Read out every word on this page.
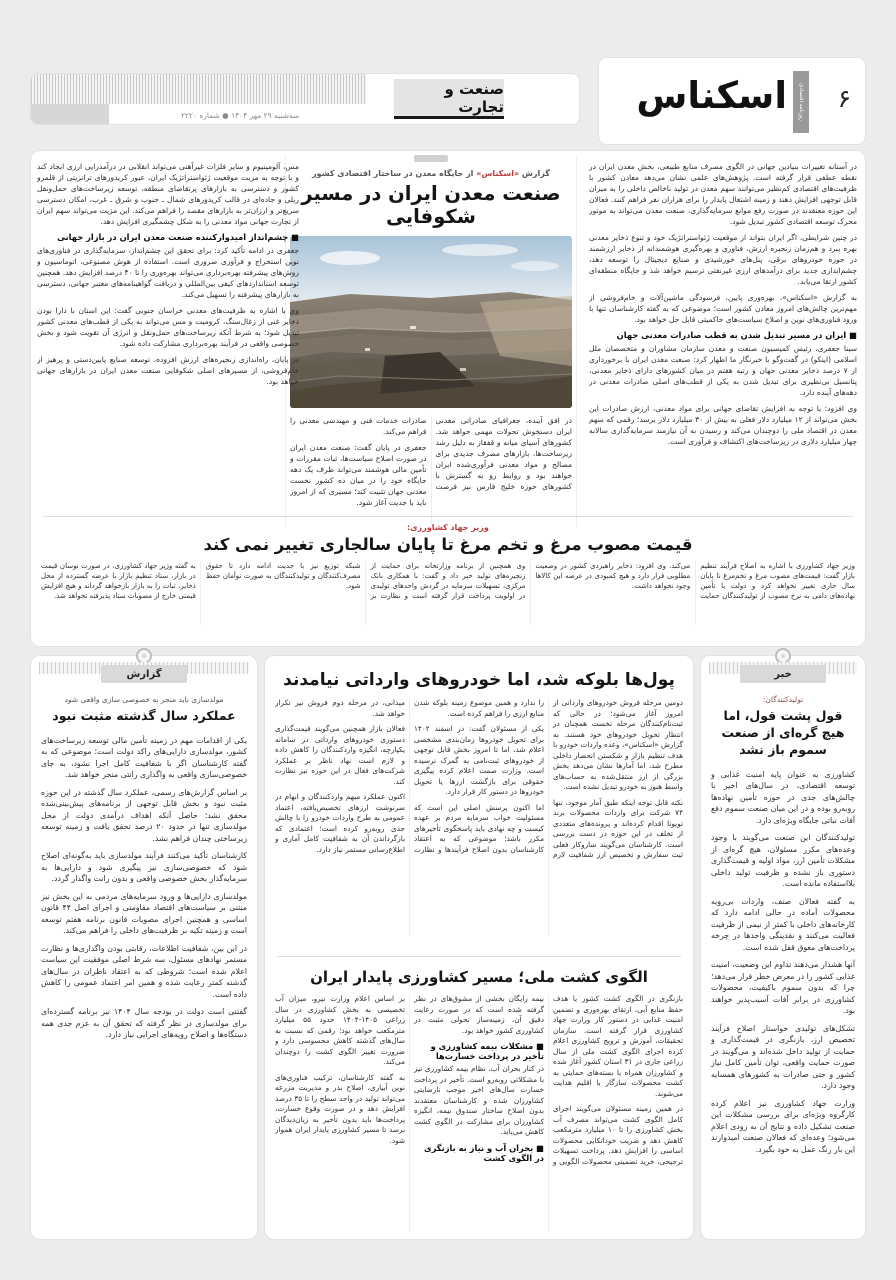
اسکناس روزنامه اقتصادی ۶
صنعت و تجارت
سه‌شنبه ۲۹ مهر ۱۴۰۴ ● شماره ۲۲۲۰

در آستانه تغییرات بنیادین جهانی در الگوی مصرف منابع طبیعی، بخش معدن ایران در نقطه عطفی قرار گرفته است. پژوهش‌های علمی نشان می‌دهد معادن کشور با ظرفیت‌های اقتصادی کم‌نظیر می‌توانند سهم معدن در تولید ناخالص داخلی را به میزان قابل توجهی افزایش دهند و زمینه اشتغال پایدار را برای هزاران نفر فراهم کنند. فعالان این حوزه معتقدند در صورت رفع موانع سرمایه‌گذاری، صنعت معدن می‌تواند به موتور محرک توسعه اقتصادی کشور تبدیل شود.

در چنین شرایطی، اگر ایران بتواند از موقعیت ژئواستراتژیک خود و تنوع ذخایر معدنی بهره ببرد و هم‌زمان زنجیره ارزش، فناوری و بهره‌گیری هوشمندانه از ذخایر ارزشمند در حوزه خودروهای برقی، پنل‌های خورشیدی و صنایع دیجیتال را توسعه دهد، چشم‌اندازی جدید برای درآمدهای ارزی غیرنفتی ترسیم خواهد شد و جایگاه منطقه‌ای کشور ارتقا می‌یابد.

به گزارش «اسکناس»، بهره‌وری پایین، فرسودگی ماشین‌آلات و خام‌فروشی از مهم‌ترین چالش‌های امروز معادن کشور است؛ موضوعی که به گفته کارشناسان تنها با ورود فناوری‌های نوین و اصلاح سیاست‌های حاکمیتی قابل حل خواهد بود.

■ ایران در مسیر تبدیل شدن به قطب صادرات معدنی جهان

سینا جعفری، رئیس کمیسیون صنعت و معدن سازمان مشاوران و متخصصان ملل اسلامی (اینکو) در گفت‌وگو با خبرنگار ما اظهار کرد: صنعت معدن ایران با برخورداری از ۷ درصد ذخایر معدنی جهان و رتبه هفتم در میان کشورهای دارای ذخایر معدنی، پتانسیل بی‌نظیری برای تبدیل شدن به یکی از قطب‌های اصلی صادرات معدنی در دهه‌های آینده دارد.

وی افزود: با توجه به افزایش تقاضای جهانی برای مواد معدنی، ارزش صادرات این بخش می‌تواند از ۱۲ میلیارد دلار فعلی به بیش از ۳۰ میلیارد دلار برسد؛ رقمی که سهم معدن در اقتصاد ملی را دوچندان می‌کند و رسیدن به آن نیازمند سرمایه‌گذاری سالانه چهار میلیارد دلاری در زیرساخت‌های اکتشاف و فرآوری است.

گزارش «اسکناس» از جایگاه معدن در ساختار اقتصادی کشور
صنعت معدن ایران در مسیر شکوفایی

در افق آینده، جغرافیای صادراتی معدنی ایران دستخوش تحولات مهمی خواهد شد. کشورهای آسیای میانه و قفقاز به دلیل رشد زیرساخت‌ها، بازارهای مصرف جدیدی برای مصالح و مواد معدنی فرآوری‌شده ایران خواهند بود و روابط رو به گسترش با کشورهای حوزه خلیج فارس نیز فرصت صادرات خدمات فنی و مهندسی معدنی را فراهم می‌کند.

جعفری در پایان گفت: صنعت معدن ایران در صورت اصلاح سیاست‌ها، ثبات مقررات و تأمین مالی هوشمند می‌تواند ظرف یک دهه جایگاه خود را در میان ده کشور نخست معدنی جهان تثبیت کند؛ مسیری که از امروز باید با جدیت آغاز شود.

مس، آلومینیوم و سایر فلزات غیرآهنی می‌تواند انقلابی در درآمدزایی ارزی ایجاد کند و با توجه به مزیت موقعیت ژئواستراتژیک ایران، عبور کریدورهای ترانزیتی از قلمرو کشور و دسترسی به بازارهای پرتقاضای منطقه، توسعه زیرساخت‌های حمل‌ونقل ریلی و جاده‌ای در قالب کریدورهای شمال ـ جنوب و شرق ـ غرب، امکان دسترسی سریع‌تر و ارزان‌تر به بازارهای مقصد را فراهم می‌کند. این مزیت می‌تواند سهم ایران از تجارت جهانی مواد معدنی را به شکل چشمگیری افزایش دهد.

■ چشم‌انداز امیدوارکننده صنعت معدن ایران در بازار جهانی

جعفری در ادامه تأکید کرد: برای تحقق این چشم‌انداز، سرمایه‌گذاری در فناوری‌های نوین استخراج و فرآوری ضروری است. استفاده از هوش مصنوعی، اتوماسیون و روش‌های پیشرفته بهره‌برداری می‌تواند بهره‌وری را تا ۴۰ درصد افزایش دهد. همچنین توسعه استانداردهای کیفی بین‌المللی و دریافت گواهینامه‌های معتبر جهانی، دسترسی به بازارهای پیشرفته را تسهیل می‌کند.

وی با اشاره به ظرفیت‌های معدنی خراسان جنوبی گفت: این استان با دارا بودن ذخایر غنی از زغال‌سنگ، کرومیت و مس می‌تواند به یکی از قطب‌های معدنی کشور تبدیل شود؛ به شرط آنکه زیرساخت‌های حمل‌ونقل و انرژی آن تقویت شود و بخش خصوصی واقعی در فرآیند بهره‌برداری مشارکت داده شود.

در پایان، راه‌اندازی زنجیره‌های ارزش افزوده، توسعه صنایع پایین‌دستی و پرهیز از خام‌فروشی، از مسیرهای اصلی شکوفایی صنعت معدن ایران در بازارهای جهانی خواهد بود.

وزیر جهاد کشاورزی:
قیمت مصوب مرغ و تخم مرغ تا پایان سالجاری تغییر نمی کند

وزیر جهاد کشاورزی با اشاره به اصلاح فرآیند تنظیم بازار گفت: قیمت‌های مصوب مرغ و تخم‌مرغ تا پایان سال جاری تغییر نخواهد کرد و دولت با تأمین نهاده‌های دامی به نرخ مصوب از تولیدکنندگان حمایت می‌کند. وی افزود: ذخایر راهبردی کشور در وضعیت مطلوبی قرار دارد و هیچ کمبودی در عرضه این کالاها وجود نخواهد داشت.

وی همچنین از برنامه وزارتخانه برای حمایت از زنجیره‌های تولید خبر داد و گفت: با همکاری بانک مرکزی، تسهیلات سرمایه در گردش واحدهای تولیدی در اولویت پرداخت قرار گرفته است و نظارت بر شبکه توزیع نیز با جدیت ادامه دارد تا حقوق مصرف‌کنندگان و تولیدکنندگان به صورت توأمان حفظ شود.

به گفته وزیر جهاد کشاورزی، در صورت نوسان قیمت در بازار، ستاد تنظیم بازار با عرضه گسترده از محل ذخایر، ثبات را به بازار بازخواهد گرداند و هیچ افزایش قیمتی خارج از مصوبات ستاد پذیرفته نخواهد شد.

گزارش
مولدسازی باید منجر به خصوصی سازی واقعی شود
عملکرد سال گذشته مثبت نبود

یکی از اقدامات مهم در زمینه تأمین مالی توسعه زیرساخت‌های کشور، مولدسازی دارایی‌های راکد دولت است؛ موضوعی که به گفته کارشناسان اگر با شفافیت کامل اجرا نشود، به جای خصوصی‌سازی واقعی به واگذاری رانتی منجر خواهد شد.

بر اساس گزارش‌های رسمی، عملکرد سال گذشته در این حوزه مثبت نبود و بخش قابل توجهی از برنامه‌های پیش‌بینی‌شده محقق نشد؛ حاصل آنکه اهداف درآمدی دولت از محل مولدسازی تنها در حدود ۲۰ درصد تحقق یافت و زمینه توسعه زیرساختی چندان فراهم نشد.

کارشناسان تأکید می‌کنند فرآیند مولدسازی باید به‌گونه‌ای اصلاح شود که خصوصی‌سازی نیز پیگیری شود و دارایی‌ها به سرمایه‌گذار بخش خصوصی واقعی و بدون رانت واگذار گردد.

مولدسازی دارایی‌ها و ورود سرمایه‌های مردمی به این بخش نیز مبتنی بر سیاست‌های اقتصاد مقاومتی و اجرای اصل ۴۴ قانون اساسی و همچنین اجرای مصوبات قانون برنامه هفتم توسعه است و زمینه تکیه بر ظرفیت‌های داخلی را فراهم می‌کند.

در این بین، شفافیت اطلاعات، رقابتی بودن واگذاری‌ها و نظارت مستمر نهادهای مسئول، سه شرط اصلی موفقیت این سیاست اعلام شده است؛ شروطی که به اعتقاد ناظران در سال‌های گذشته کمتر رعایت شده و همین امر اعتماد عمومی را کاهش داده است.

گفتنی است دولت در بودجه سال ۱۴۰۴ نیز برنامه گسترده‌ای برای مولدسازی در نظر گرفته که تحقق آن به عزم جدی همه دستگاه‌ها و اصلاح رویه‌های اجرایی نیاز دارد.

پول‌ها بلوکه شد، اما خودروهای وارداتی نیامدند

دومین مرحله فروش خودروهای وارداتی از امروز آغاز می‌شود؛ در حالی که ثبت‌نام‌کنندگان مرحله نخست همچنان در انتظار تحویل خودروهای خود هستند. به گزارش «اسکناس»، وعده واردات خودرو با هدف تنظیم بازار و شکستن انحصار داخلی مطرح شد، اما آمارها نشان می‌دهد بخش بزرگی از ارز منتقل‌شده به حساب‌های واسط هنوز به خودرو تبدیل نشده است.

نکته قابل توجه اینکه طبق آمار موجود، تنها ۷۴ شرکت برای واردات محصولات برند تویوتا اقدام کرده‌اند و پرونده‌های متعددی از تخلف در این حوزه در دست بررسی است. کارشناسان می‌گویند سازوکار فعلی ثبت سفارش و تخصیص ارز شفافیت لازم را ندارد و همین موضوع زمینه بلوکه شدن منابع ارزی را فراهم کرده است.

یکی از مسئولان گفت: در اسفند ۱۴۰۲ برای تحویل خودروها زمان‌بندی مشخصی اعلام شد، اما تا امروز بخش قابل توجهی از خودروهای ثبت‌نامی به گمرک نرسیده است. وزارت صمت اعلام کرده پیگیری حقوقی برای بازگشت ارزها یا تحویل خودروها در دستور کار قرار دارد.

اما اکنون پرسش اصلی این است که مسئولیت خواب سرمایه مردم بر عهده کیست و چه نهادی باید پاسخگوی تأخیرهای مکرر باشد؛ موضوعی که به اعتقاد کارشناسان بدون اصلاح فرآیندها و نظارت میدانی، در مرحله دوم فروش نیز تکرار خواهد شد.

فعالان بازار همچنین می‌گویند قیمت‌گذاری دستوری خودروهای وارداتی در سامانه یکپارچه، انگیزه واردکنندگان را کاهش داده و لازم است نهاد ناظر بر عملکرد شرکت‌های فعال در این حوزه نیز نظارت کند.

اکنون عملکرد مبهم واردکنندگان و ابهام در سرنوشت ارزهای تخصیص‌یافته، اعتماد عمومی به طرح واردات خودرو را با چالش جدی روبه‌رو کرده است؛ اعتمادی که بازگرداندن آن به شفافیت کامل آماری و اطلاع‌رسانی مستمر نیاز دارد.

الگوی کشت ملی؛ مسیر کشاورزی پایدار ایران

بازنگری در الگوی کشت کشور با هدف حفظ منابع آبی، ارتقای بهره‌وری و تضمین امنیت غذایی در دستور کار وزارت جهاد کشاورزی قرار گرفته است. سازمان تحقیقات، آموزش و ترویج کشاورزی اعلام کرده اجرای الگوی کشت ملی از سال زراعی جاری در ۳۱ استان کشور آغاز شده و کشاورزان همراه با بسته‌های حمایتی به کشت محصولات سازگار با اقلیم هدایت می‌شوند.

در همین زمینه مسئولان می‌گویند اجرای کامل الگوی کشت می‌تواند مصرف آب بخش کشاورزی را تا ۱۰ میلیارد مترمکعب کاهش دهد و ضریب خوداتکایی محصولات اساسی را افزایش دهد. پرداخت تسهیلات ترجیحی، خرید تضمینی محصولات الگویی و بیمه رایگان بخشی از مشوق‌های در نظر گرفته شده است که در صورت رعایت دقیق آن، زمینه‌ساز تحولی مثبت در کشاورزی کشور خواهد بود.

■ مشکلات بیمه کشاورزی و تأخیر در پرداخت خسارت‌ها

در کنار بحران آب، نظام بیمه کشاورزی نیز با مشکلاتی روبه‌رو است. تأخیر در پرداخت خسارت سال‌های اخیر موجب نارضایتی کشاورزان شده و کارشناسان معتقدند بدون اصلاح ساختار صندوق بیمه، انگیزه کشاورزان برای مشارکت در الگوی کشت کاهش می‌یابد.

■ بحران آب و نیاز به بازنگری در الگوی کشت

بر اساس اعلام وزارت نیرو، میزان آب تخصیصی به بخش کشاورزی در سال زراعی ۱۴۰۵-۱۴۰۴ حدود ۵۵ میلیارد مترمکعب خواهد بود؛ رقمی که نسبت به سال‌های گذشته کاهش محسوسی دارد و ضرورت تغییر الگوی کشت را دوچندان می‌کند.

به گفته کارشناسان، ترکیب فناوری‌های نوین آبیاری، اصلاح بذر و مدیریت مزرعه می‌تواند تولید در واحد سطح را تا ۳۵ درصد افزایش دهد و در صورت وقوع خسارت، پرداخت‌ها باید بدون تأخیر به زیان‌دیدگان برسد تا مسیر کشاورزی پایدار ایران هموار شود.

خبر
تولیدکنندگان:
قول پشت قول، اما هیچ گره‌ای از صنعت سموم باز نشد

کشاورزی به عنوان پایه امنیت غذایی و توسعه اقتصادی، در سال‌های اخیر با چالش‌های جدی در حوزه تأمین نهاده‌ها روبه‌رو بوده و در این میان صنعت سموم دفع آفات نباتی جایگاه ویژه‌ای دارد.

تولیدکنندگان این صنعت می‌گویند با وجود وعده‌های مکرر مسئولان، هیچ گره‌ای از مشکلات تأمین ارز، مواد اولیه و قیمت‌گذاری دستوری باز نشده و ظرفیت تولید داخلی بلااستفاده مانده است.

به گفته فعالان صنف، واردات بی‌رویه محصولات آماده در حالی ادامه دارد که کارخانه‌های داخلی با کمتر از نیمی از ظرفیت فعالیت می‌کنند و نقدینگی واحدها در چرخه پرداخت‌های معوق قفل شده است.

آنها هشدار می‌دهند تداوم این وضعیت، امنیت غذایی کشور را در معرض خطر قرار می‌دهد؛ چرا که بدون سموم باکیفیت، محصولات کشاورزی در برابر آفات آسیب‌پذیر خواهند بود.

تشکل‌های تولیدی خواستار اصلاح فرآیند تخصیص ارز، بازنگری در قیمت‌گذاری و حمایت از تولید داخل شده‌اند و می‌گویند در صورت حمایت واقعی، توان تأمین کامل نیاز کشور و حتی صادرات به کشورهای همسایه وجود دارد.

وزارت جهاد کشاورزی نیز اعلام کرده کارگروه ویژه‌ای برای بررسی مشکلات این صنعت تشکیل داده و نتایج آن به زودی اعلام می‌شود؛ وعده‌ای که فعالان صنعت امیدوارند این بار رنگ عمل به خود بگیرد.
